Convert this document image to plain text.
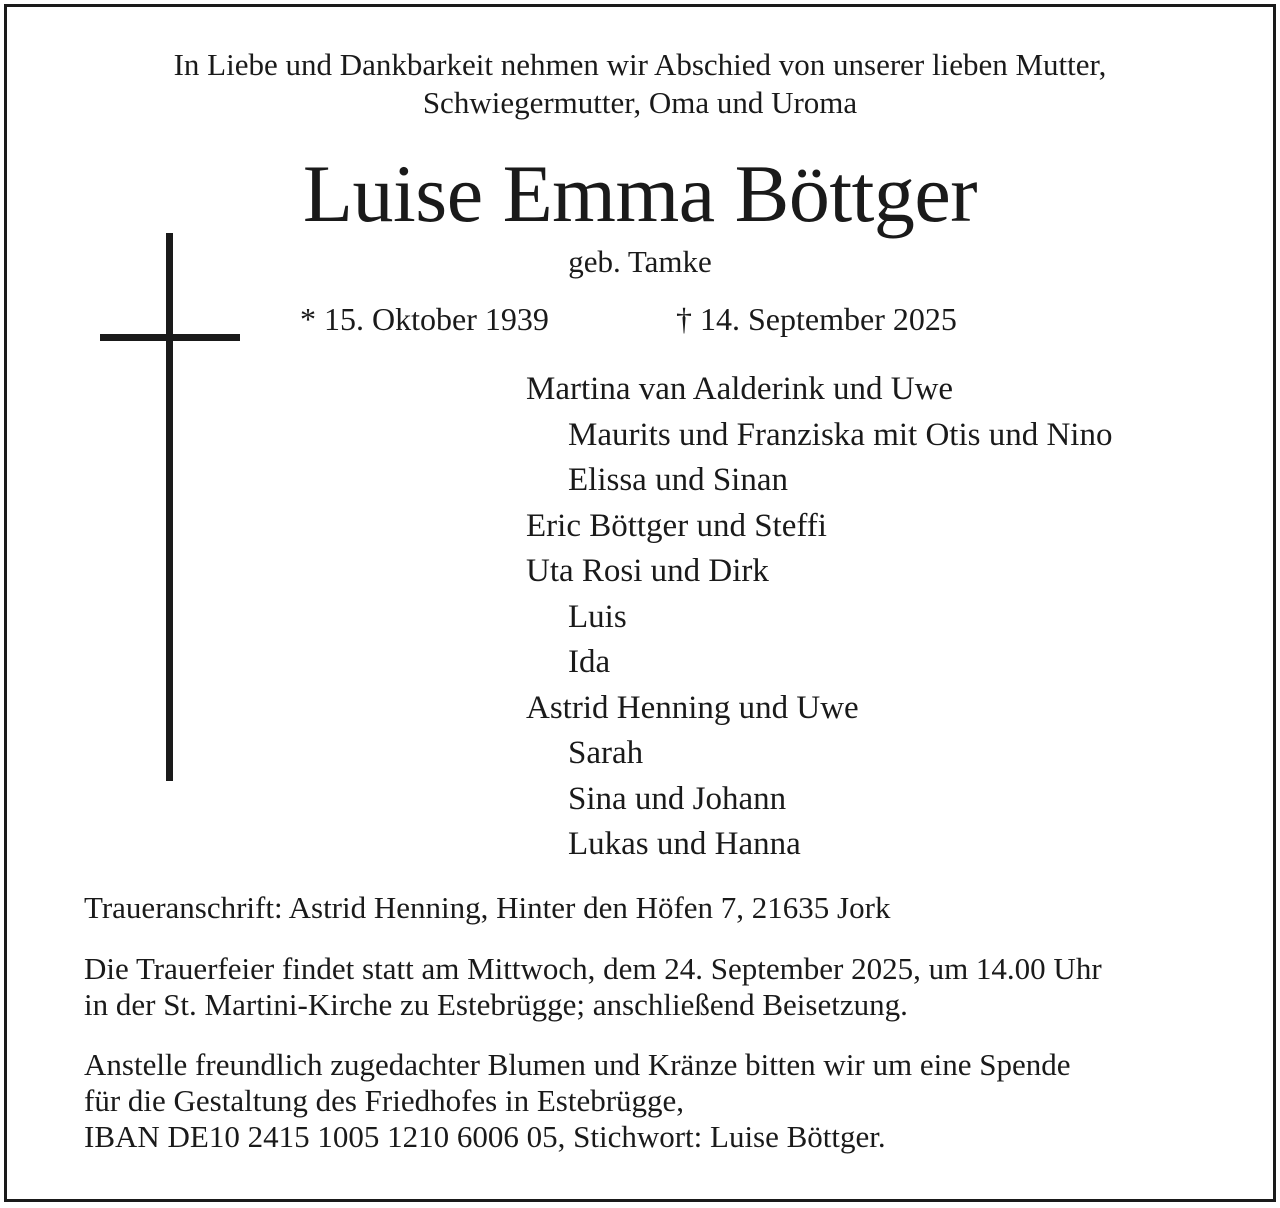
In Liebe und Dankbarkeit nehmen wir Abschied von unserer lieben Mutter,
Schwiegermutter, Oma und Uroma
Luise Emma Böttger
geb. Tamke
* 15. Oktober 1939	† 14. September 2025
Martina van Aalderink und Uwe
Maurits und Franziska mit Otis und Nino
Elissa und Sinan
Eric Böttger und Steffi
Uta Rosi und Dirk
Luis
Ida
Astrid Henning und Uwe
Sarah
Sina und Johann
Lukas und Hanna
Traueranschrift: Astrid Henning, Hinter den Höfen 7, 21635 Jork
Die Trauerfeier findet statt am Mittwoch, dem 24. September 2025, um 14.00 Uhr
in der St. Martini-Kirche zu Estebrügge; anschließend Beisetzung.
Anstelle freundlich zugedachter Blumen und Kränze bitten wir um eine Spende
für die Gestaltung des Friedhofes in Estebrügge,
IBAN DE10 2415 1005 1210 6006 05, Stichwort: Luise Böttger.
